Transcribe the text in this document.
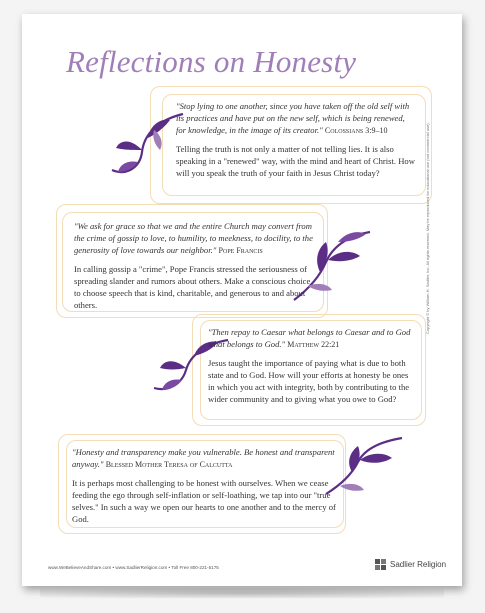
Reflections on Honesty

"Stop lying to one another, since you have taken off the old self with its practices and have put on the new self, which is being renewed, for knowledge, in the image of its creator." Colossians 3:9–10

Telling the truth is not only a matter of not telling lies. It is also speaking in a "renewed" way, with the mind and heart of Christ. How will you speak the truth of your faith in Jesus Christ today?

"We ask for grace so that we and the entire Church may convert from the crime of gossip to love, to humility, to meekness, to docility, to the generosity of love towards our neighbor." Pope Francis

In calling gossip a "crime", Pope Francis stressed the seriousness of spreading slander and rumors about others. Make a conscious choice to choose speech that is kind, charitable, and generous to and about others.

"Then repay to Caesar what belongs to Caesar and to God what belongs to God." Matthew 22:21

Jesus taught the importance of paying what is due to both state and to God. How will your efforts at honesty be ones in which you act with integrity, both by contributing to the wider community and to giving what you owe to God?

"Honesty and transparency make you vulnerable. Be honest and transparent anyway." Blessed Mother Teresa of Calcutta

It is perhaps most challenging to be honest with ourselves. When we cease feeding the ego through self-inflation or self-loathing, we tap into our "true selves." In such a way we open our hearts to one another and to the mercy of God.

Copyright © by William H. Sadlier, Inc. All rights reserved. May be reproduced for educational use (not commercial use).
www.WeBelieveAndShare.com • www.SadlierReligion.com • Toll Free 800-221-5175	Sadlier Religion
